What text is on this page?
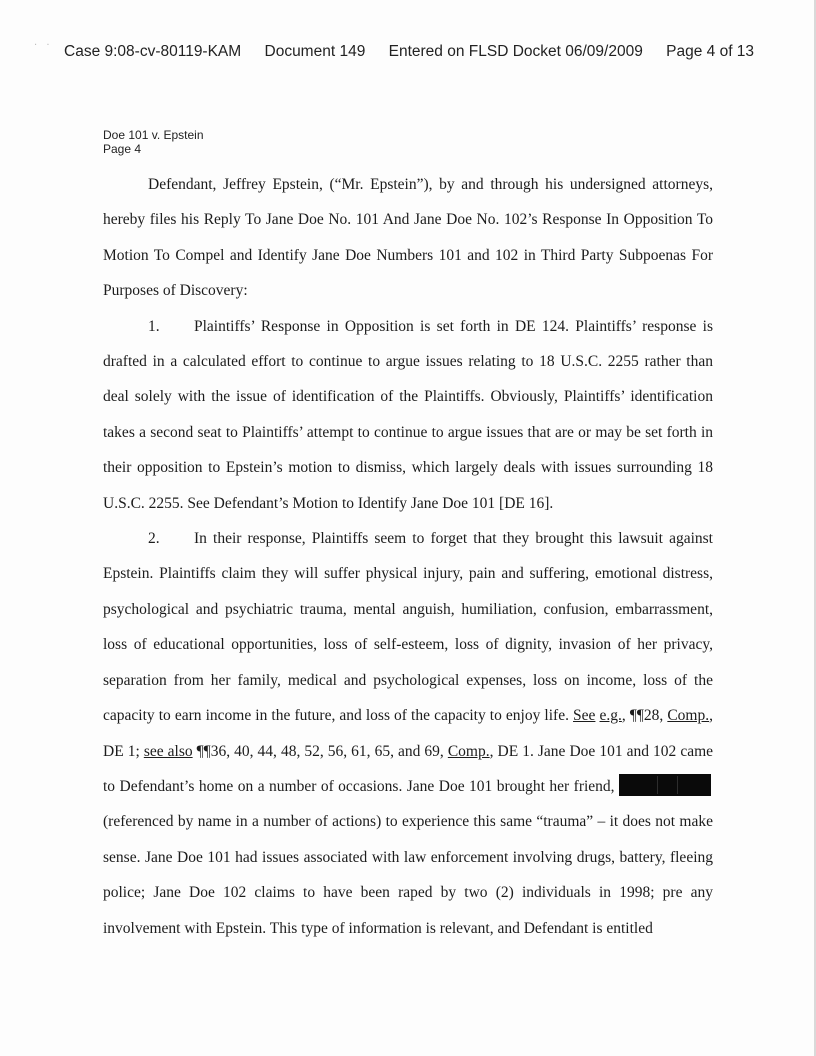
· · Case 9:08-cv-80119-KAM Document 149 Entered on FLSD Docket 06/09/2009 Page 4 of 13
Doe 101 v. Epstein
Page 4

Defendant, Jeffrey Epstein, (“Mr. Epstein”), by and through his undersigned attorneys, hereby files his Reply To Jane Doe No. 101 And Jane Doe No. 102’s Response In Opposition To Motion To Compel and Identify Jane Doe Numbers 101 and 102 in Third Party Subpoenas For Purposes of Discovery:

1. Plaintiffs’ Response in Opposition is set forth in DE 124. Plaintiffs’ response is drafted in a calculated effort to continue to argue issues relating to 18 U.S.C. 2255 rather than deal solely with the issue of identification of the Plaintiffs. Obviously, Plaintiffs’ identification takes a second seat to Plaintiffs’ attempt to continue to argue issues that are or may be set forth in their opposition to Epstein’s motion to dismiss, which largely deals with issues surrounding 18 U.S.C. 2255. See Defendant’s Motion to Identify Jane Doe 101 [DE 16].

2. In their response, Plaintiffs seem to forget that they brought this lawsuit against Epstein. Plaintiffs claim they will suffer physical injury, pain and suffering, emotional distress, psychological and psychiatric trauma, mental anguish, humiliation, confusion, embarrassment, loss of educational opportunities, loss of self-esteem, loss of dignity, invasion of her privacy, separation from her family, medical and psychological expenses, loss on income, loss of the capacity to earn income in the future, and loss of the capacity to enjoy life. See e.g., ¶¶28, Comp., DE 1; see also ¶¶36, 40, 44, 48, 52, 56, 61, 65, and 69, Comp., DE 1. Jane Doe 101 and 102 came to Defendant’s home on a number of occasions. Jane Doe 101 brought her friend, (referenced by name in a number of actions) to experience this same “trauma” – it does not make sense. Jane Doe 101 had issues associated with law enforcement involving drugs, battery, fleeing police; Jane Doe 102 claims to have been raped by two (2) individuals in 1998; pre any involvement with Epstein. This type of information is relevant, and Defendant is entitled
